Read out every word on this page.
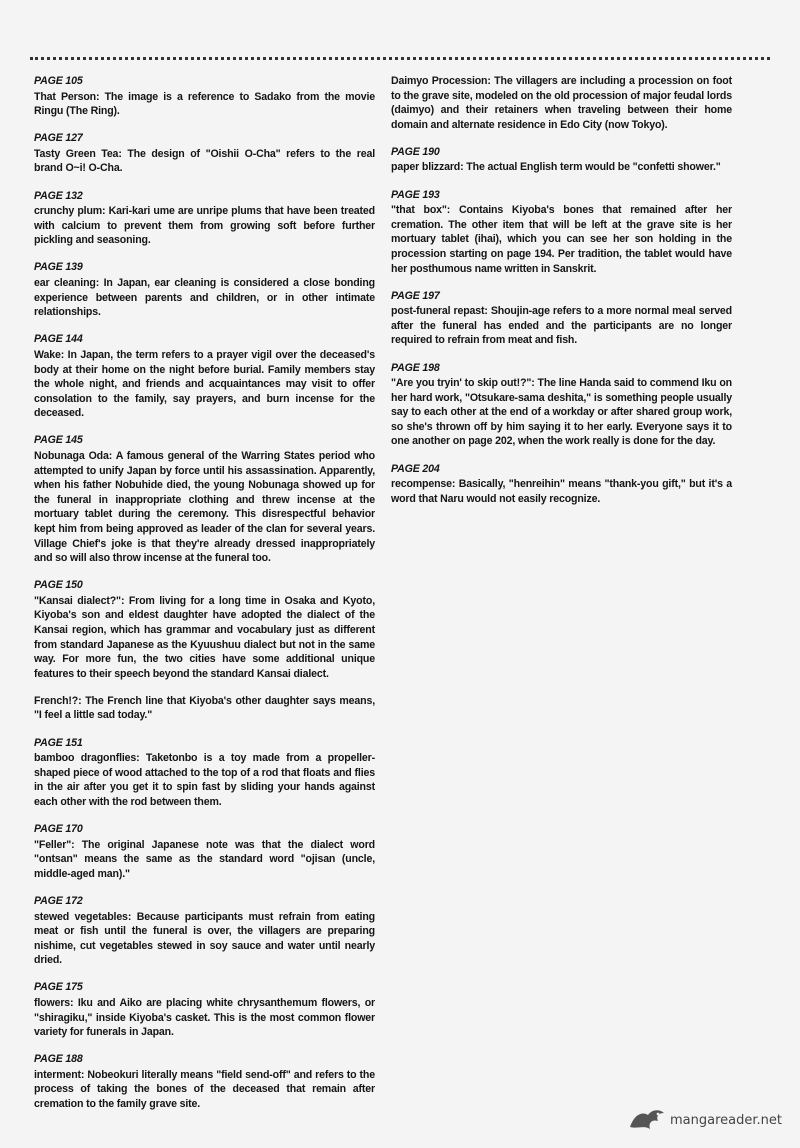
PAGE 105
That Person: The image is a reference to Sadako from the movie Ringu (The Ring).
PAGE 127
Tasty Green Tea: The design of "Oishii O-Cha" refers to the real brand O~i! O-Cha.
PAGE 132
crunchy plum: Kari-kari ume are unripe plums that have been treated with calcium to prevent them from growing soft before further pickling and seasoning.
PAGE 139
ear cleaning: In Japan, ear cleaning is considered a close bonding experience between parents and children, or in other intimate relationships.
PAGE 144
Wake: In Japan, the term refers to a prayer vigil over the deceased's body at their home on the night before burial. Family members stay the whole night, and friends and acquaintances may visit to offer consolation to the family, say prayers, and burn incense for the deceased.
PAGE 145
Nobunaga Oda: A famous general of the Warring States period who attempted to unify Japan by force until his assassination. Apparently, when his father Nobuhide died, the young Nobunaga showed up for the funeral in inappropriate clothing and threw incense at the mortuary tablet during the ceremony. This disrespectful behavior kept him from being approved as leader of the clan for several years. Village Chief's joke is that they're already dressed inappropriately and so will also throw incense at the funeral too.
PAGE 150
"Kansai dialect?": From living for a long time in Osaka and Kyoto, Kiyoba's son and eldest daughter have adopted the dialect of the Kansai region, which has grammar and vocabulary just as different from standard Japanese as the Kyuushuu dialect but not in the same way. For more fun, the two cities have some additional unique features to their speech beyond the standard Kansai dialect.
French!?: The French line that Kiyoba's other daughter says means, "I feel a little sad today."
PAGE 151
bamboo dragonflies: Taketonbo is a toy made from a propeller-shaped piece of wood attached to the top of a rod that floats and flies in the air after you get it to spin fast by sliding your hands against each other with the rod between them.
PAGE 170
"Feller": The original Japanese note was that the dialect word "ontsan" means the same as the standard word "ojisan (uncle, middle-aged man)."
PAGE 172
stewed vegetables: Because participants must refrain from eating meat or fish until the funeral is over, the villagers are preparing nishime, cut vegetables stewed in soy sauce and water until nearly dried.
PAGE 175
flowers: Iku and Aiko are placing white chrysanthemum flowers, or "shiragiku," inside Kiyoba's casket. This is the most common flower variety for funerals in Japan.
PAGE 188
interment: Nobeokuri literally means "field send-off" and refers to the process of taking the bones of the deceased that remain after cremation to the family grave site.
Daimyo Procession: The villagers are including a procession on foot to the grave site, modeled on the old procession of major feudal lords (daimyo) and their retainers when traveling between their home domain and alternate residence in Edo City (now Tokyo).
PAGE 190
paper blizzard: The actual English term would be "confetti shower."
PAGE 193
"that box": Contains Kiyoba's bones that remained after her cremation. The other item that will be left at the grave site is her mortuary tablet (ihai), which you can see her son holding in the procession starting on page 194. Per tradition, the tablet would have her posthumous name written in Sanskrit.
PAGE 197
post-funeral repast: Shoujin-age refers to a more normal meal served after the funeral has ended and the participants are no longer required to refrain from meat and fish.
PAGE 198
"Are you tryin' to skip out!?": The line Handa said to commend Iku on her hard work, "Otsukare-sama deshita," is something people usually say to each other at the end of a workday or after shared group work, so she's thrown off by him saying it to her early. Everyone says it to one another on page 202, when the work really is done for the day.
PAGE 204
recompense: Basically, "henreihin" means "thank-you gift," but it's a word that Naru would not easily recognize.
mangareader.net
